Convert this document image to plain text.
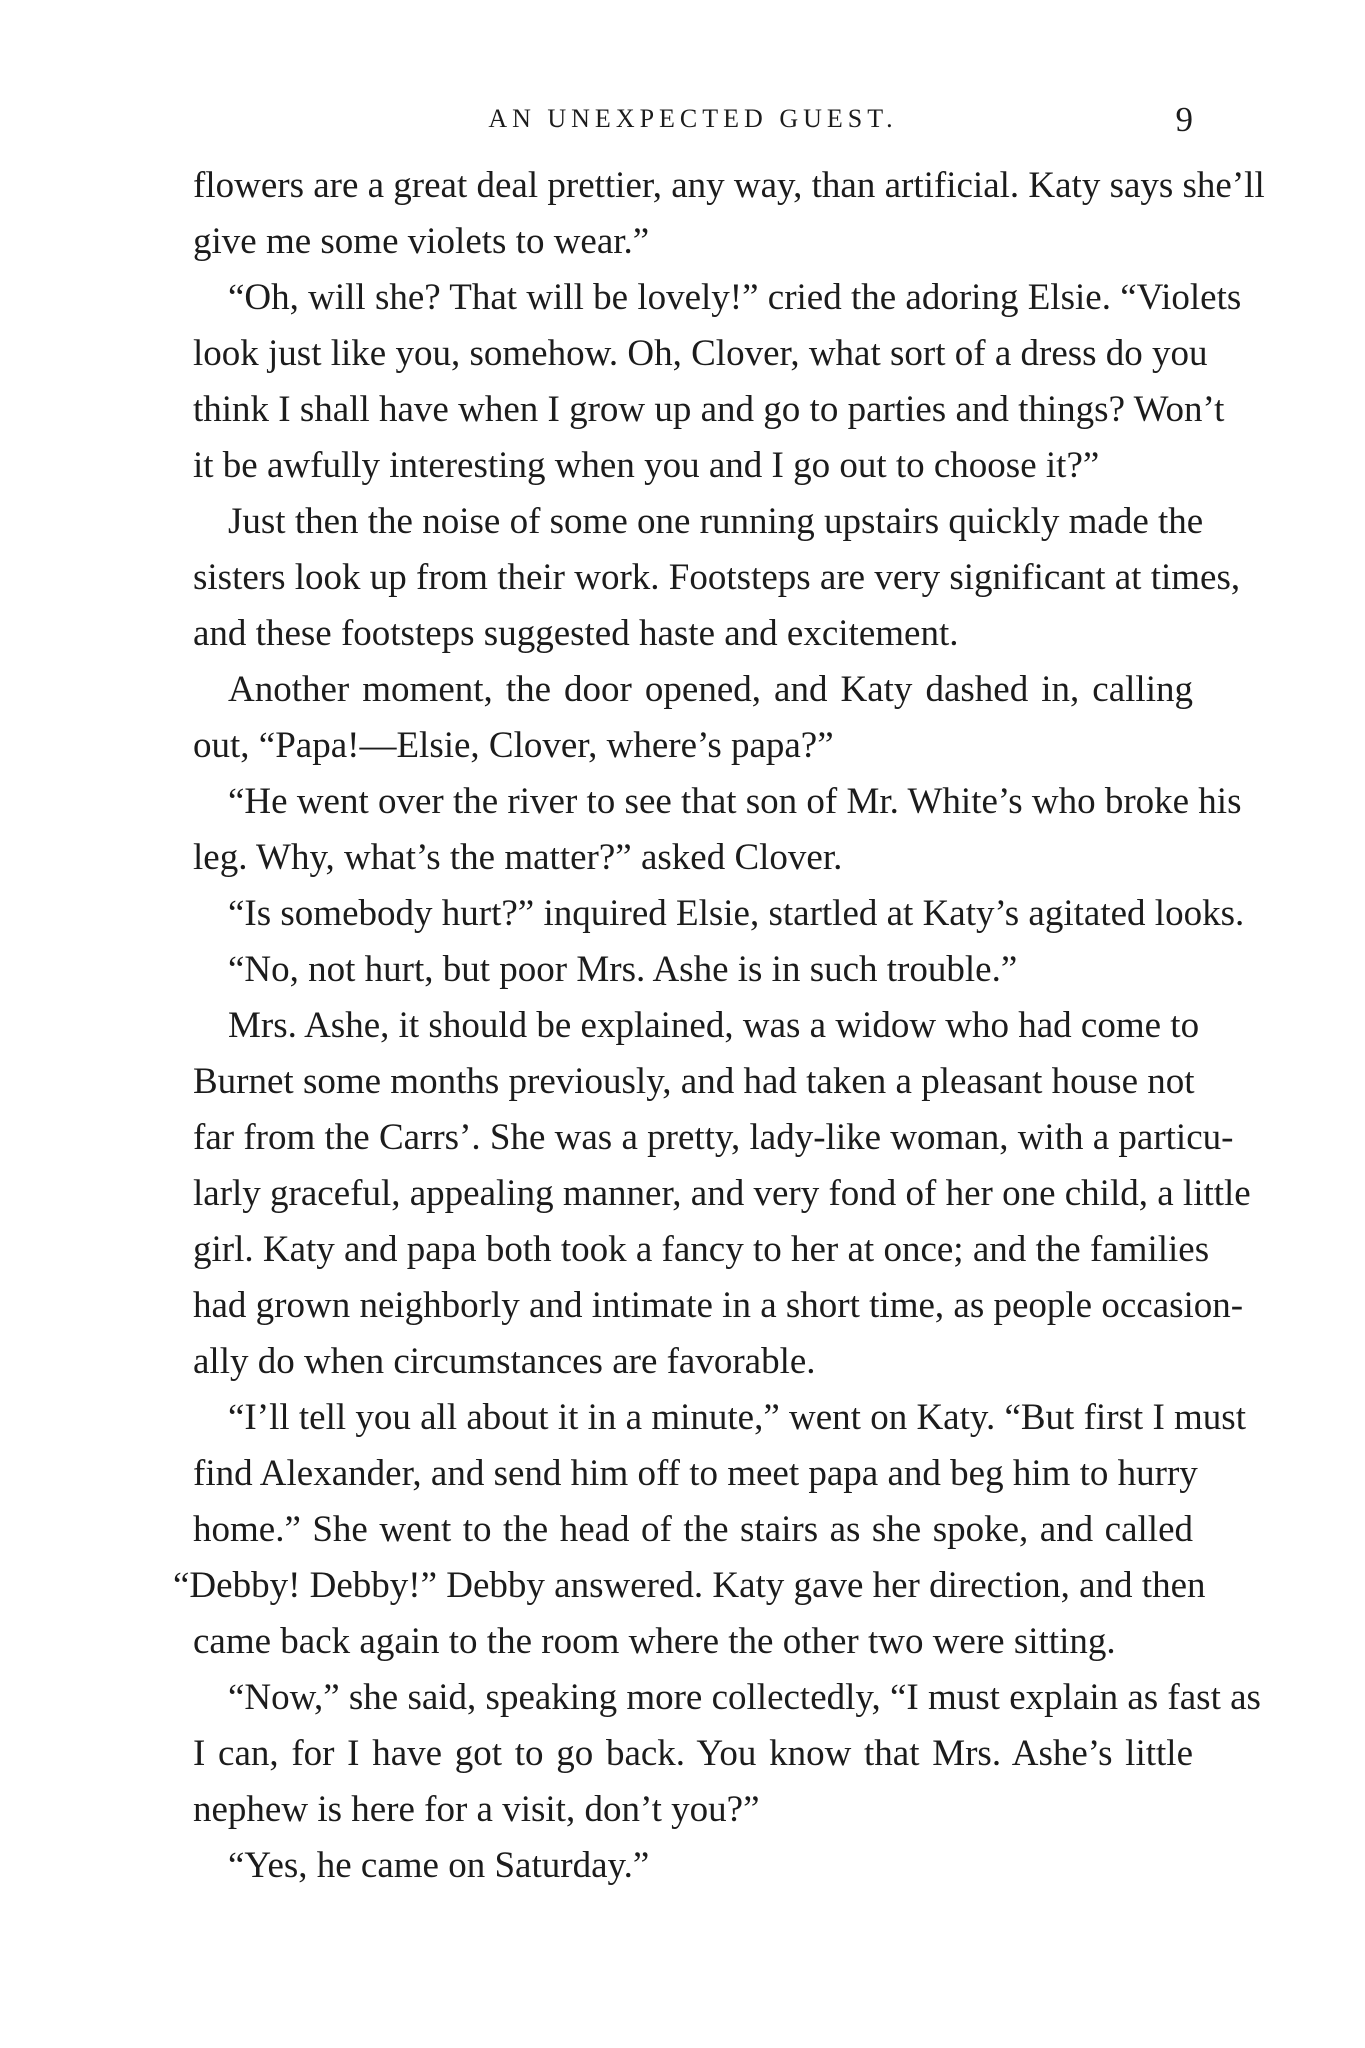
AN UNEXPECTED GUEST.	9
flowers are a great deal prettier, any way, than artificial. Katy says she’ll
give me some violets to wear.”
“Oh, will she? That will be lovely!” cried the adoring Elsie. “Violets
look just like you, somehow. Oh, Clover, what sort of a dress do you
think I shall have when I grow up and go to parties and things? Won’t
it be awfully interesting when you and I go out to choose it?”
Just then the noise of some one running upstairs quickly made the
sisters look up from their work. Footsteps are very significant at times,
and these footsteps suggested haste and excitement.
Another moment, the door opened, and Katy dashed in, calling
out, “Papa!—Elsie, Clover, where’s papa?”
“He went over the river to see that son of Mr. White’s who broke his
leg. Why, what’s the matter?” asked Clover.
“Is somebody hurt?” inquired Elsie, startled at Katy’s agitated looks.
“No, not hurt, but poor Mrs. Ashe is in such trouble.”
Mrs. Ashe, it should be explained, was a widow who had come to
Burnet some months previously, and had taken a pleasant house not
far from the Carrs’. She was a pretty, lady-like woman, with a particu-
larly graceful, appealing manner, and very fond of her one child, a little
girl. Katy and papa both took a fancy to her at once; and the families
had grown neighborly and intimate in a short time, as people occasion-
ally do when circumstances are favorable.
“I’ll tell you all about it in a minute,” went on Katy. “But first I must
find Alexander, and send him off to meet papa and beg him to hurry
home.” She went to the head of the stairs as she spoke, and called
“Debby! Debby!” Debby answered. Katy gave her direction, and then
came back again to the room where the other two were sitting.
“Now,” she said, speaking more collectedly, “I must explain as fast as
I can, for I have got to go back. You know that Mrs. Ashe’s little
nephew is here for a visit, don’t you?”
“Yes, he came on Saturday.”
